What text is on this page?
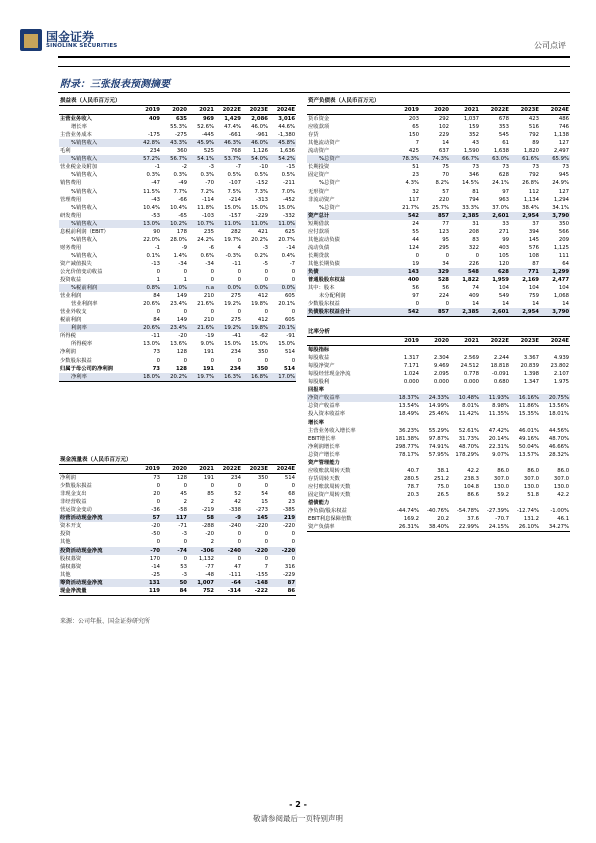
国金证券
SINOLINK SECURITIES	公司点评
附录：三张报表预测摘要
损益表（人民币百万元）						
	2019	2020	2021	2022E	2023E	2024E
主营业务收入	409	635	969	1,429	2,086	3,016
增长率		55.3%	52.6%	47.4%	46.0%	44.6%
主营业务成本	-175	-275	-445	-661	-961	-1,380
%销售收入	42.8%	43.3%	45.9%	46.3%	46.0%	45.8%
毛利	234	360	525	768	1,126	1,636
%销售收入	57.2%	56.7%	54.1%	53.7%	54.0%	54.2%
营业税金及附加	-1	-2	-3	-7	-10	-15
%销售收入	0.3%	0.3%	0.3%	0.5%	0.5%	0.5%
销售费用	-47	-49	-70	-107	-152	-211
%销售收入	11.5%	7.7%	7.2%	7.5%	7.3%	7.0%
管理费用	-43	-66	-114	-214	-313	-452
%销售收入	10.4%	10.4%	11.8%	15.0%	15.0%	15.0%
研发费用	-53	-65	-103	-157	-229	-332
%销售收入	13.0%	10.2%	10.7%	11.0%	11.0%	11.0%
息税前利润（EBIT）	90	178	235	282	421	625
%销售收入	22.0%	28.0%	24.2%	19.7%	20.2%	20.7%
财务费用	-1	-9	-6	4	-3	-14
%销售收入	0.1%	1.4%	0.6%	-0.3%	0.2%	0.4%
资产减值损失	-13	-34	-34	-11	-5	-7
公允价值变动收益	0	0	0	0	0	0
投资收益	1	1	0	0	0	0
%税前利润	0.8%	1.0%	n.a	0.0%	0.0%	0.0%
营业利润	84	149	210	275	412	605
营业利润率	20.6%	23.4%	21.6%	19.2%	19.8%	20.1%
营业外收支	0	0	0	0	0	0
税前利润	84	149	210	275	412	605
利润率	20.6%	23.4%	21.6%	19.2%	19.8%	20.1%
所得税	-11	-20	-19	-41	-62	-91
所得税率	13.0%	13.6%	9.0%	15.0%	15.0%	15.0%
净利润	73	128	191	234	350	514
少数股东损益	0	0	0	0	0	0
归属于母公司的净利润	73	128	191	234	350	514
净利率	18.0%	20.2%	19.7%	16.3%	16.8%	17.0%
现金流量表（人民币百万元）						
	2019	2020	2021	2022E	2023E	2024E
净利润	73	128	191	234	350	514
少数股东损益	0	0	0	0	0	0
非现金支出	20	45	85	52	54	68
非经营收益	0	2	2	42	15	23
营运资金变动	-36	-58	-219	-338	-273	-385
经营活动现金净流	57	117	58	-9	145	219
资本开支	-20	-71	-288	-240	-220	-220
投资	-50	-3	-20	0	0	0
其他	0	0	2	0	0	0
投资活动现金净流	-70	-74	-306	-240	-220	-220
股权募资	170	0	1,132	0	0	0
债权募资	-14	53	-77	47	7	316
其他	-25	-3	-48	-111	-155	-229
筹资活动现金净流	131	50	1,007	-64	-148	87
现金净流量	119	84	752	-314	-222	86
资产负债表（人民币百万元）						
	2019	2020	2021	2022E	2023E	2024E
货币资金	203	292	1,037	678	423	486
应收款项	65	102	159	353	516	746
存货	150	229	352	545	792	1,138
其他流动资产	7	14	43	61	89	127
流动资产	425	637	1,590	1,638	1,820	2,497
%总资产	78.3%	74.3%	66.7%	63.0%	61.6%	65.9%
长期投资	51	75	73	73	73	73
固定资产	23	70	346	628	792	945
%总资产	4.3%	8.2%	14.5%	24.1%	26.8%	24.9%
无形资产	32	57	81	97	112	127
非流动资产	117	220	794	963	1,134	1,294
%总资产	21.7%	25.7%	33.3%	37.0%	38.4%	34.1%
资产总计	542	857	2,385	2,601	2,954	3,790
短期借款	24	77	31	33	37	350
应付款项	55	123	208	271	394	566
其他流动负债	44	95	83	99	145	209
流动负债	124	295	322	403	576	1,125
长期贷款	0	0	0	105	108	111
其他长期负债	19	34	226	120	87	64
负债	143	329	548	628	771	1,299
普通股股东权益	400	528	1,822	1,959	2,169	2,477
其中：股本	56	56	74	104	104	104
未分配利润	97	224	409	549	759	1,068
少数股东权益	0	0	14	14	14	14
负债股东权益合计	542	857	2,385	2,601	2,954	3,790
比率分析						
	2019	2020	2021	2022E	2023E	2024E
每股指标						
每股收益	1.317	2.304	2.569	2.244	3.367	4.939
每股净资产	7.171	9.469	24.512	18.818	20.839	23.802
每股经营现金净流	1.024	2.095	0.778	-0.091	1.398	2.107
每股股利	0.000	0.000	0.000	0.680	1.347	1.975
回报率						
净资产收益率	18.37%	24.33%	10.48%	11.93%	16.16%	20.75%
总资产收益率	13.54%	14.99%	8.01%	8.98%	11.86%	13.56%
投入资本收益率	18.49%	25.46%	11.42%	11.35%	15.35%	18.01%
增长率						
主营业务收入增长率	36.23%	55.29%	52.61%	47.42%	46.01%	44.56%
EBIT增长率	181.38%	97.87%	31.73%	20.14%	49.16%	48.70%
净利润增长率	298.77%	74.91%	48.70%	22.31%	50.04%	46.66%
总资产增长率	78.17%	57.95%	178.29%	9.07%	13.57%	28.32%
资产管理能力						
应收账款周转天数	40.7	38.1	42.2	86.0	86.0	86.0
存货周转天数	280.5	251.2	238.3	307.0	307.0	307.0
应付账款周转天数	78.7	75.0	104.8	130.0	130.0	130.0
固定资产周转天数	20.3	26.5	86.6	59.2	51.8	42.2
偿债能力						
净负债/股东权益	-44.74%	-40.76%	-54.78%	-27.39%	-12.74%	-1.00%
EBIT利息保障倍数	169.2	20.2	37.6	-70.7	131.2	46.1
资产负债率	26.31%	38.40%	22.99%	24.15%	26.10%	34.27%
来源：公司年报、国金证券研究所
- 2 -
敬请参阅最后一页特别声明
